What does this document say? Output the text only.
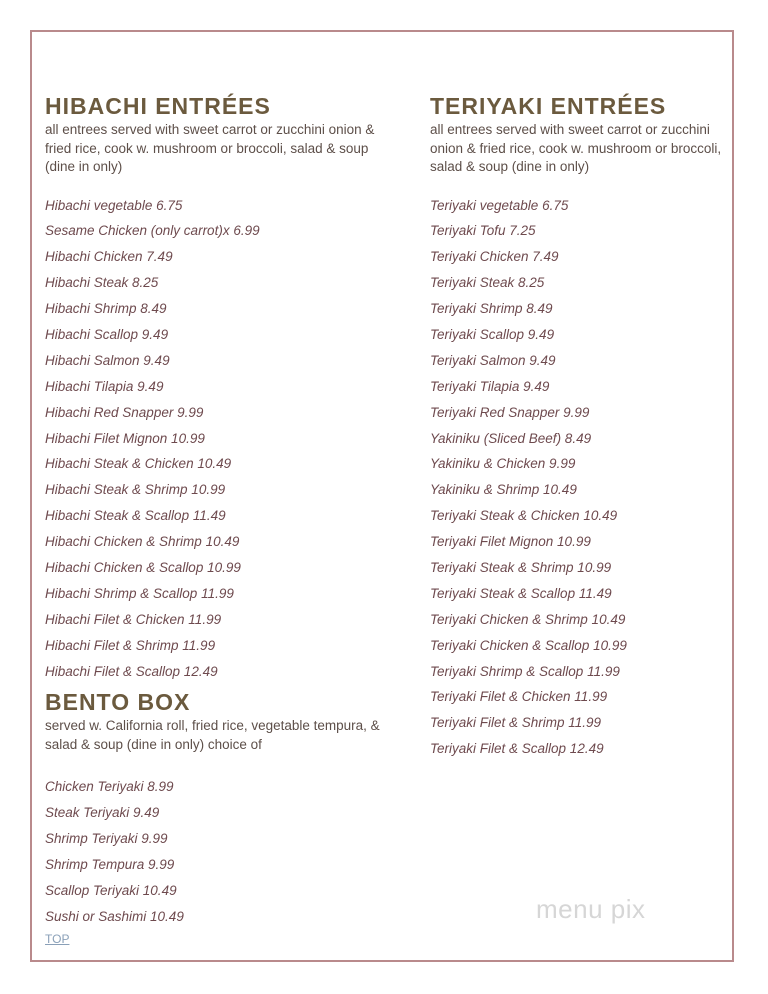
HIBACHI ENTRÉES

all entrees served with sweet carrot or zucchini onion & fried rice, cook w. mushroom or broccoli, salad & soup (dine in only)

Hibachi vegetable 6.75
Sesame Chicken (only carrot)x 6.99
Hibachi Chicken 7.49
Hibachi Steak 8.25
Hibachi Shrimp 8.49
Hibachi Scallop 9.49
Hibachi Salmon 9.49
Hibachi Tilapia 9.49
Hibachi Red Snapper 9.99
Hibachi Filet Mignon 10.99
Hibachi Steak & Chicken 10.49
Hibachi Steak & Shrimp 10.99
Hibachi Steak & Scallop 11.49
Hibachi Chicken & Shrimp 10.49
Hibachi Chicken & Scallop 10.99
Hibachi Shrimp & Scallop 11.99
Hibachi Filet & Chicken 11.99
Hibachi Filet & Shrimp 11.99
Hibachi Filet & Scallop 12.49
BENTO BOX

served w. California roll, fried rice, vegetable tempura, & salad & soup (dine in only) choice of

Chicken Teriyaki 8.99
Steak Teriyaki 9.49
Shrimp Teriyaki 9.99
Shrimp Tempura 9.99
Scallop Teriyaki 10.49
Sushi or Sashimi 10.49
TOP
TERIYAKI ENTRÉES

all entrees served with sweet carrot or zucchini onion & fried rice, cook w. mushroom or broccoli, salad & soup (dine in only)

Teriyaki vegetable 6.75
Teriyaki Tofu 7.25
Teriyaki Chicken 7.49
Teriyaki Steak 8.25
Teriyaki Shrimp 8.49
Teriyaki Scallop 9.49
Teriyaki Salmon 9.49
Teriyaki Tilapia 9.49
Teriyaki Red Snapper 9.99
Yakiniku (Sliced Beef) 8.49
Yakiniku & Chicken 9.99
Yakiniku & Shrimp 10.49
Teriyaki Steak & Chicken 10.49
Teriyaki Filet Mignon 10.99
Teriyaki Steak & Shrimp 10.99
Teriyaki Steak & Scallop 11.49
Teriyaki Chicken & Shrimp 10.49
Teriyaki Chicken & Scallop 10.99
Teriyaki Shrimp & Scallop 11.99
Teriyaki Filet & Chicken 11.99
Teriyaki Filet & Shrimp 11.99
Teriyaki Filet & Scallop 12.49
menu pix
